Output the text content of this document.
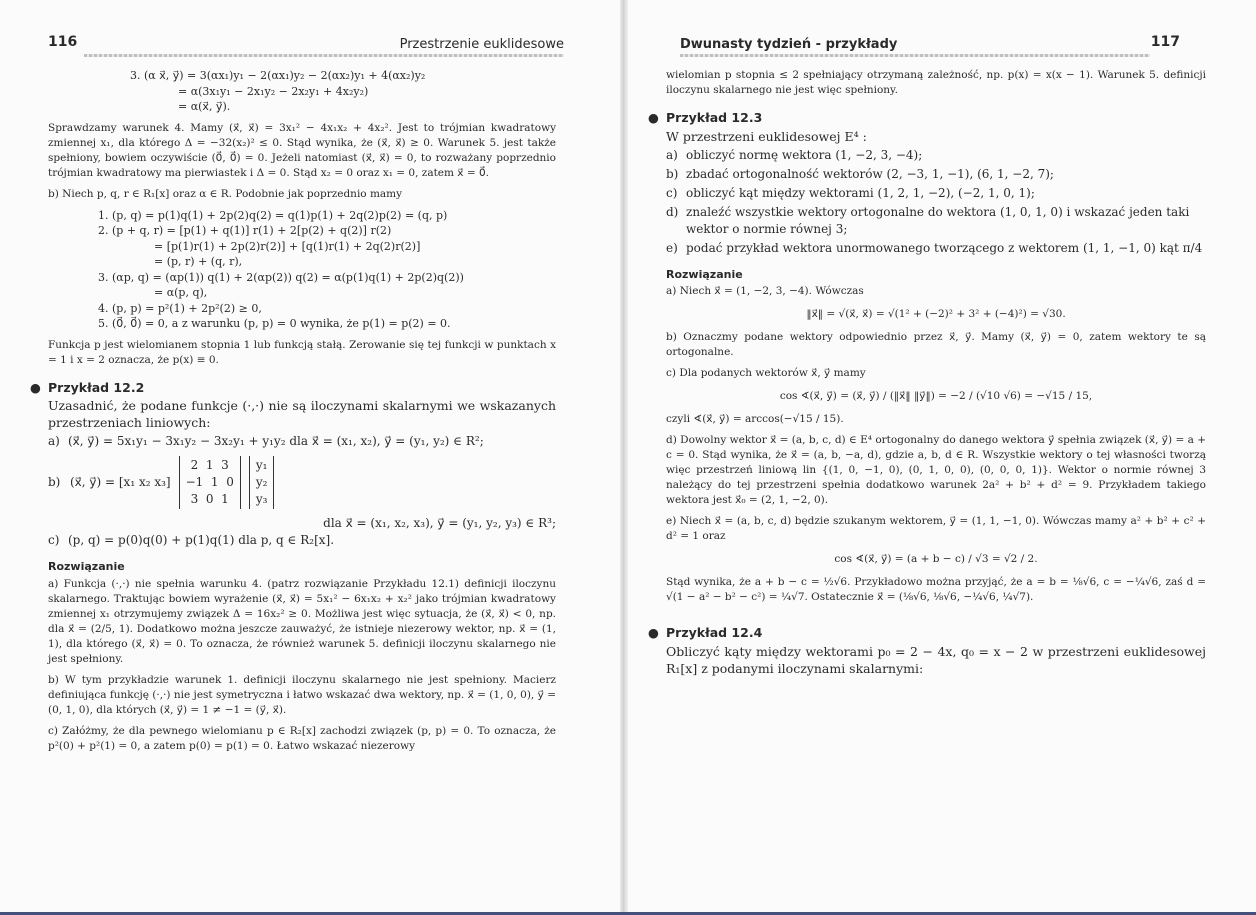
116	Przestrzenie euklidesowe
3. (α x⃗, y⃗) = 3(αx₁)y₁ − 2(αx₁)y₂ − 2(αx₂)y₁ + 4(αx₂)y₂
= α(3x₁y₁ − 2x₁y₂ − 2x₂y₁ + 4x₂y₂)
= α(x⃗, y⃗).

Sprawdzamy warunek 4. Mamy (x⃗, x⃗) = 3x₁² − 4x₁x₂ + 4x₂². Jest to trójmian kwadratowy zmiennej x₁, dla którego Δ = −32(x₂)² ≤ 0. Stąd wynika, że (x⃗, x⃗) ≥ 0. Warunek 5. jest także spełniony, bowiem oczywiście (0⃗, 0⃗) = 0. Jeżeli natomiast (x⃗, x⃗) = 0, to rozważany poprzednio trójmian kwadratowy ma pierwiastek i Δ = 0. Stąd x₂ = 0 oraz x₁ = 0, zatem x⃗ = 0⃗.

b) Niech p, q, r ∈ R₁[x] oraz α ∈ R. Podobnie jak poprzednio mamy

1. (p, q) = p(1)q(1) + 2p(2)q(2) = q(1)p(1) + 2q(2)p(2) = (q, p)
2. (p + q, r) = [p(1) + q(1)] r(1) + 2[p(2) + q(2)] r(2)
= [p(1)r(1) + 2p(2)r(2)] + [q(1)r(1) + 2q(2)r(2)]
= (p, r) + (q, r),
3. (αp, q) = (αp(1)) q(1) + 2(αp(2)) q(2) = α(p(1)q(1) + 2p(2)q(2))
= α(p, q),
4. (p, p) = p²(1) + 2p²(2) ≥ 0,
5. (0⃗, 0⃗) = 0, a z warunku (p, p) = 0 wynika, że p(1) = p(2) = 0.

Funkcja p jest wielomianem stopnia 1 lub funkcją stałą. Zerowanie się tej funkcji w punktach x = 1 i x = 2 oznacza, że p(x) ≡ 0.

● Przykład 12.2

Uzasadnić, że podane funkcje (·,·) nie są iloczynami skalarnymi we wskazanych przestrzeniach liniowych:

a) (x⃗, y⃗) = 5x₁y₁ − 3x₁y₂ − 3x₂y₁ + y₁y₂ dla x⃗ = (x₁, x₂), y⃗ = (y₁, y₂) ∈ R²;
b) (x⃗, y⃗) = [x₁ x₂ x₃]
2  1  3
−1  1  0
3  0  1
y₁
y₂
y₃
dla x⃗ = (x₁, x₂, x₃), y⃗ = (y₁, y₂, y₃) ∈ R³;
c) (p, q) = p(0)q(0) + p(1)q(1) dla p, q ∈ R₂[x].
Rozwiązanie

a) Funkcja (·,·) nie spełnia warunku 4. (patrz rozwiązanie Przykładu 12.1) definicji iloczynu skalarnego. Traktując bowiem wyrażenie (x⃗, x⃗) = 5x₁² − 6x₁x₂ + x₂² jako trójmian kwadratowy zmiennej x₁ otrzymujemy związek Δ = 16x₂² ≥ 0. Możliwa jest więc sytuacja, że (x⃗, x⃗) < 0, np. dla x⃗ = (2/5, 1). Dodatkowo można jeszcze zauważyć, że istnieje niezerowy wektor, np. x⃗ = (1, 1), dla którego (x⃗, x⃗) = 0. To oznacza, że również warunek 5. definicji iloczynu skalarnego nie jest spełniony.

b) W tym przykładzie warunek 1. definicji iloczynu skalarnego nie jest spełniony. Macierz definiująca funkcję (·,·) nie jest symetryczna i łatwo wskazać dwa wektory, np. x⃗ = (1, 0, 0), y⃗ = (0, 1, 0), dla których (x⃗, y⃗) = 1 ≠ −1 = (y⃗, x⃗).

c) Załóżmy, że dla pewnego wielomianu p ∈ R₂[x] zachodzi związek (p, p) = 0. To oznacza, że p²(0) + p²(1) = 0, a zatem p(0) = p(1) = 0. Łatwo wskazać niezerowy

Dwunasty tydzień - przykłady	117

wielomian p stopnia ≤ 2 spełniający otrzymaną zależność, np. p(x) = x(x − 1). Warunek 5. definicji iloczynu skalarnego nie jest więc spełniony.

● Przykład 12.3

W przestrzeni euklidesowej E⁴ :

a) obliczyć normę wektora (1, −2, 3, −4);
b) zbadać ortogonalność wektorów (2, −3, 1, −1), (6, 1, −2, 7);
c) obliczyć kąt między wektorami (1, 2, 1, −2), (−2, 1, 0, 1);
d) znaleźć wszystkie wektory ortogonalne do wektora (1, 0, 1, 0) i wskazać jeden taki wektor o normie równej 3;
e) podać przykład wektora unormowanego tworzącego z wektorem (1, 1, −1, 0) kąt π/4
Rozwiązanie

a) Niech x⃗ = (1, −2, 3, −4). Wówczas

‖x⃗‖ = √(x⃗, x⃗) = √(1² + (−2)² + 3² + (−4)²) = √30.

b) Oznaczmy podane wektory odpowiednio przez x⃗, y⃗. Mamy (x⃗, y⃗) = 0, zatem wektory te są ortogonalne.

c) Dla podanych wektorów x⃗, y⃗ mamy

cos ∢(x⃗, y⃗) = (x⃗, y⃗) / (‖x⃗‖ ‖y⃗‖) = −2 / (√10 √6) = −√15 / 15,

czyli ∢(x⃗, y⃗) = arccos(−√15 / 15).

d) Dowolny wektor x⃗ = (a, b, c, d) ∈ E⁴ ortogonalny do danego wektora y⃗ spełnia związek (x⃗, y⃗) = a + c = 0. Stąd wynika, że x⃗ = (a, b, −a, d), gdzie a, b, d ∈ R. Wszystkie wektory o tej własności tworzą więc przestrzeń liniową lin {(1, 0, −1, 0), (0, 1, 0, 0), (0, 0, 0, 1)}. Wektor o normie równej 3 należący do tej przestrzeni spełnia dodatkowo warunek 2a² + b² + d² = 9. Przykładem takiego wektora jest x⃗₀ = (2, 1, −2, 0).

e) Niech x⃗ = (a, b, c, d) będzie szukanym wektorem, y⃗ = (1, 1, −1, 0). Wówczas mamy a² + b² + c² + d² = 1 oraz

cos ∢(x⃗, y⃗) = (a + b − c) / √3 = √2 / 2.

Stąd wynika, że a + b − c = ½√6. Przykładowo można przyjąć, że a = b = ⅛√6, c = −¼√6, zaś d = √(1 − a² − b² − c²) = ¼√7. Ostatecznie x⃗ = (⅛√6, ⅛√6, −¼√6, ¼√7).

● Przykład 12.4

Obliczyć kąty między wektorami p₀ = 2 − 4x, q₀ = x − 2 w przestrzeni euklidesowej R₁[x] z podanymi iloczynami skalarnymi:
